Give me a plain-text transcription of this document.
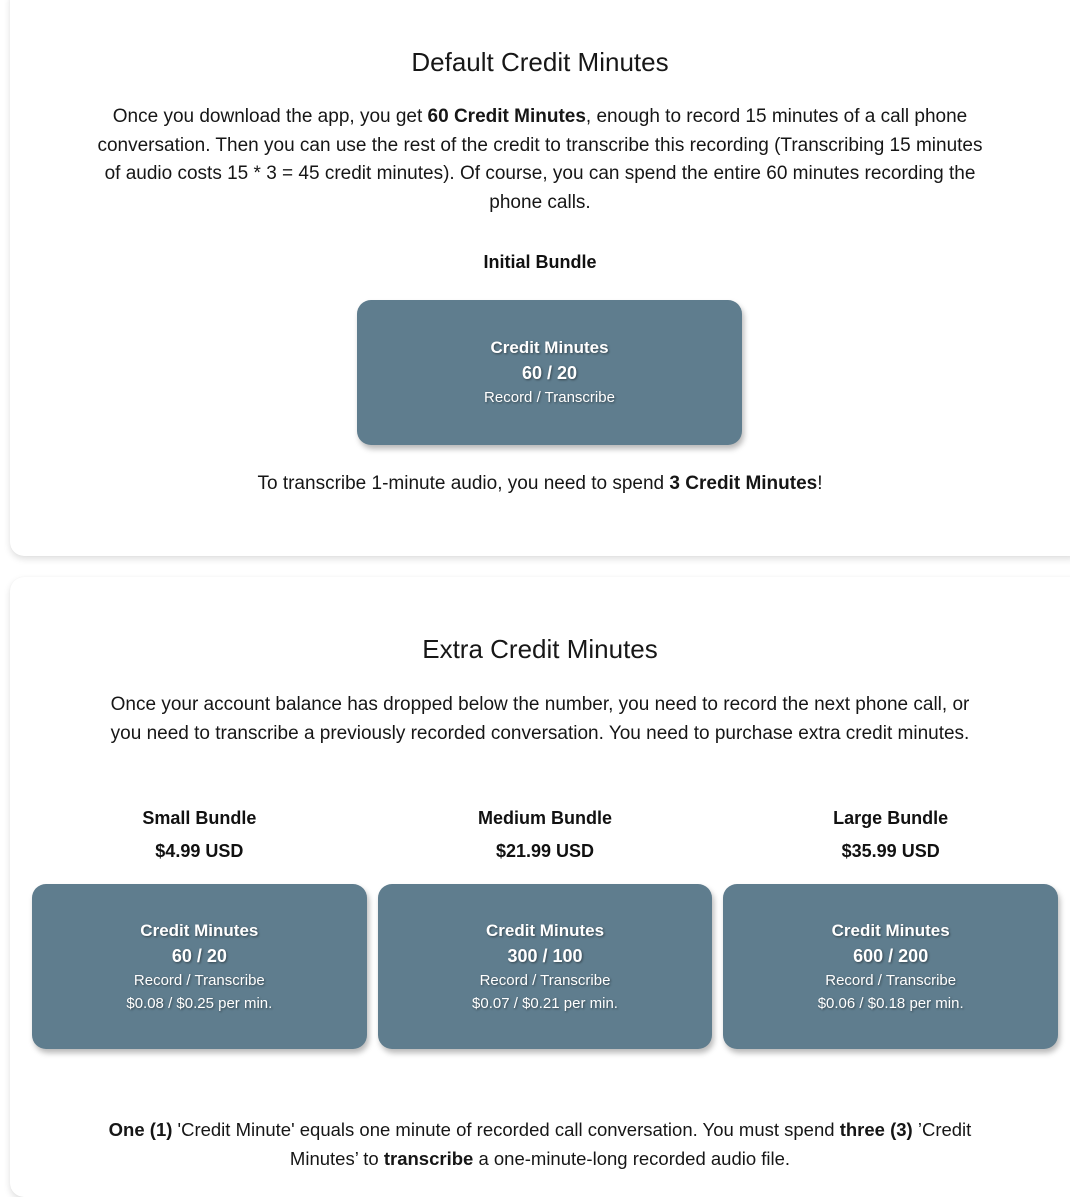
Default Credit Minutes

Once you download the app, you get 60 Credit Minutes, enough to record 15 minutes of a call phone conversation. Then you can use the rest of the credit to transcribe this recording (Transcribing 15 minutes of audio costs 15 * 3 = 45 credit minutes). Of course, you can spend the entire 60 minutes recording the phone calls.

Initial Bundle
Credit Minutes
60 / 20
Record / Transcribe

To transcribe 1-minute audio, you need to spend 3 Credit Minutes!

Extra Credit Minutes

Once your account balance has dropped below the number, you need to record the next phone call, or you need to transcribe a previously recorded conversation. You need to purchase extra credit minutes.

Small Bundle
$4.99 USD
Credit Minutes
60 / 20
Record / Transcribe
$0.08 / $0.25 per min.
Medium Bundle
$21.99 USD
Credit Minutes
300 / 100
Record / Transcribe
$0.07 / $0.21 per min.
Large Bundle
$35.99 USD
Credit Minutes
600 / 200
Record / Transcribe
$0.06 / $0.18 per min.

One (1) 'Credit Minute' equals one minute of recorded call conversation. You must spend three (3) ’Credit Minutes’ to transcribe a one-minute-long recorded audio file.
